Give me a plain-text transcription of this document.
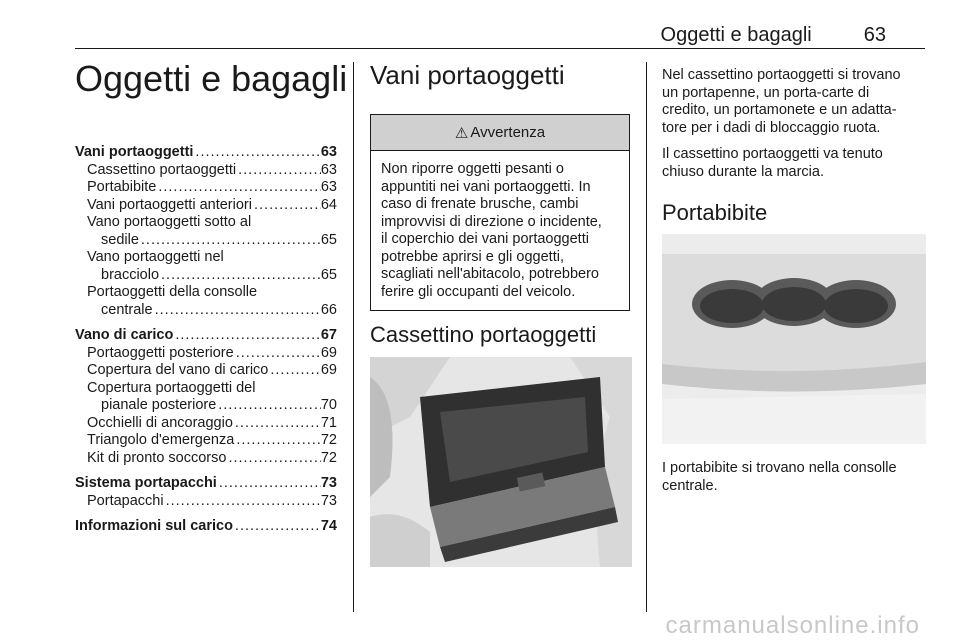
Oggetti e bagagli	63
Oggetti e bagagli
Vani portaoggetti .....	63
Cassettino portaoggetti .....	63
Portabibite .....	63
Vani portaoggetti anteriori .....	64
Vano portaoggetti sotto al
sedile .....	65
Vano portaoggetti nel
bracciolo .....	65
Portaoggetti della consolle
centrale .....	66
Vano di carico .....	67
Portaoggetti posteriore .....	69
Copertura del vano di carico .....	69
Copertura portaoggetti del
pianale posteriore .....	70
Occhielli di ancoraggio .....	71
Triangolo d'emergenza .....	72
Kit di pronto soccorso .....	72
Sistema portapacchi .....	73
Portapacchi .....	73
Informazioni sul carico .....	74
Vani portaoggetti
⚠ Avvertenza
Non riporre oggetti pesanti o
appuntiti nei vani portaoggetti. In
caso di frenate brusche, cambi
improvvisi di direzione o incidente,
il coperchio dei vani portaoggetti
potrebbe aprirsi e gli oggetti,
scagliati nell'abitacolo, potrebbero
ferire gli occupanti del veicolo.
Cassettino portaoggetti

Nel cassettino portaoggetti si trovano
un portapenne, un porta-carte di
credito, un portamonete e un adatta-
tore per i dadi di bloccaggio ruota.

Il cassettino portaoggetti va tenuto
chiuso durante la marcia.

Portabibite

I portabibite si trovano nella consolle
centrale.

carmanualsonline.info
